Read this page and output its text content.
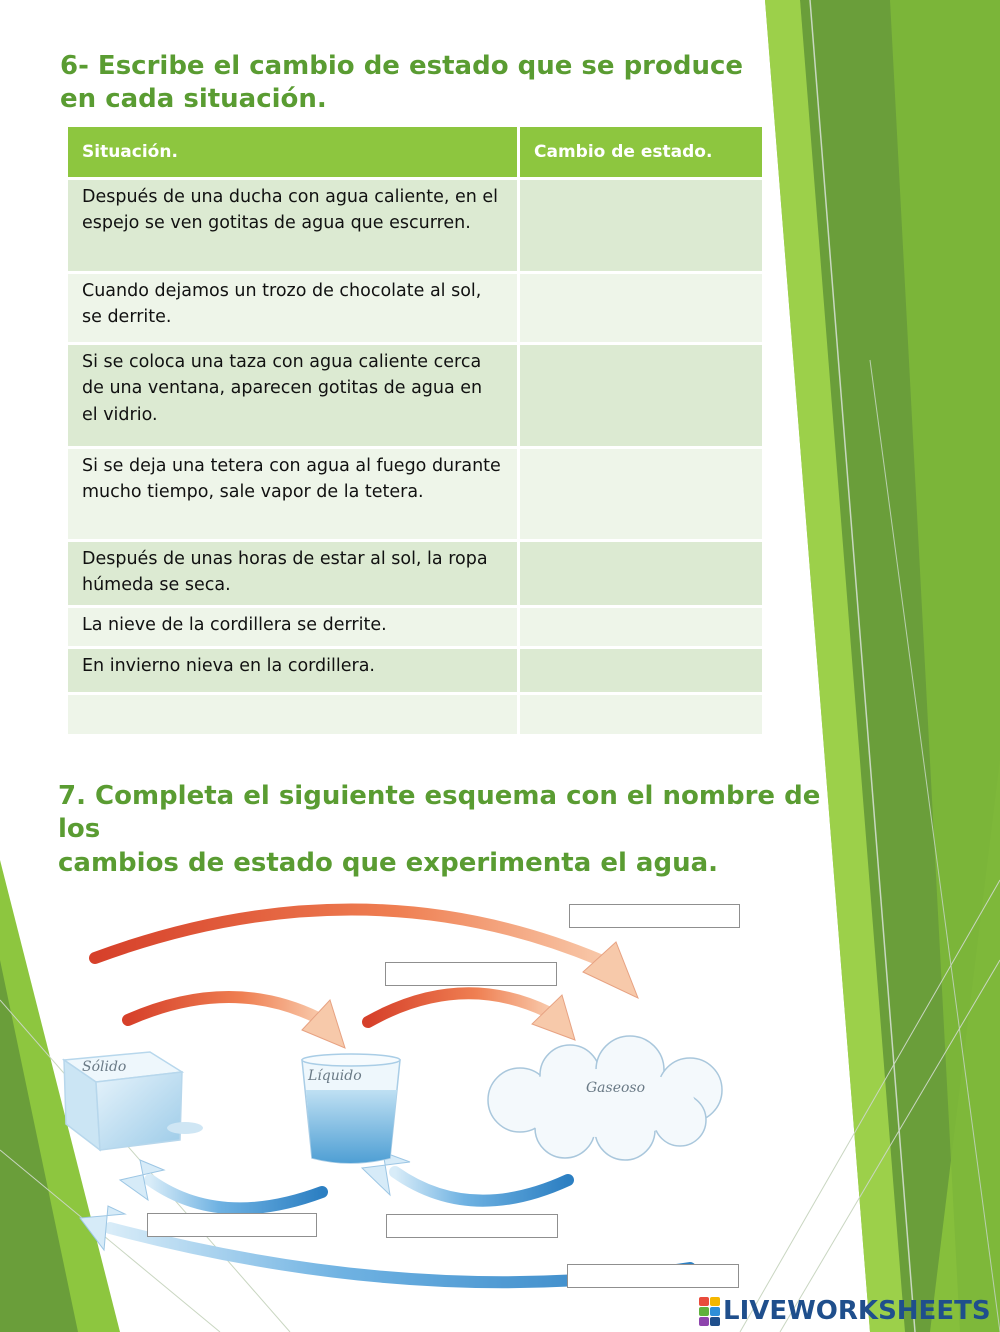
6- Escribe el cambio de estado que se produce
en cada situación.
Situación.	Cambio de estado.
Después de una ducha con agua caliente, en el espejo se ven gotitas de agua que escurren.	
Cuando dejamos un trozo de chocolate al sol, se derrite.	
Si se coloca una taza con agua caliente cerca de una ventana, aparecen gotitas de agua en el vidrio.	
Si se deja una tetera con agua al fuego durante mucho tiempo, sale vapor de la tetera.	
Después de unas horas de estar al sol, la ropa húmeda se seca.	
La nieve de la cordillera se derrite.	
En invierno nieva en la cordillera.	

7. Completa el siguiente esquema con el nombre de los
cambios de estado que experimenta el agua.
Sólido
Líquido
Gaseoso
LIVEWORKSHEETS
